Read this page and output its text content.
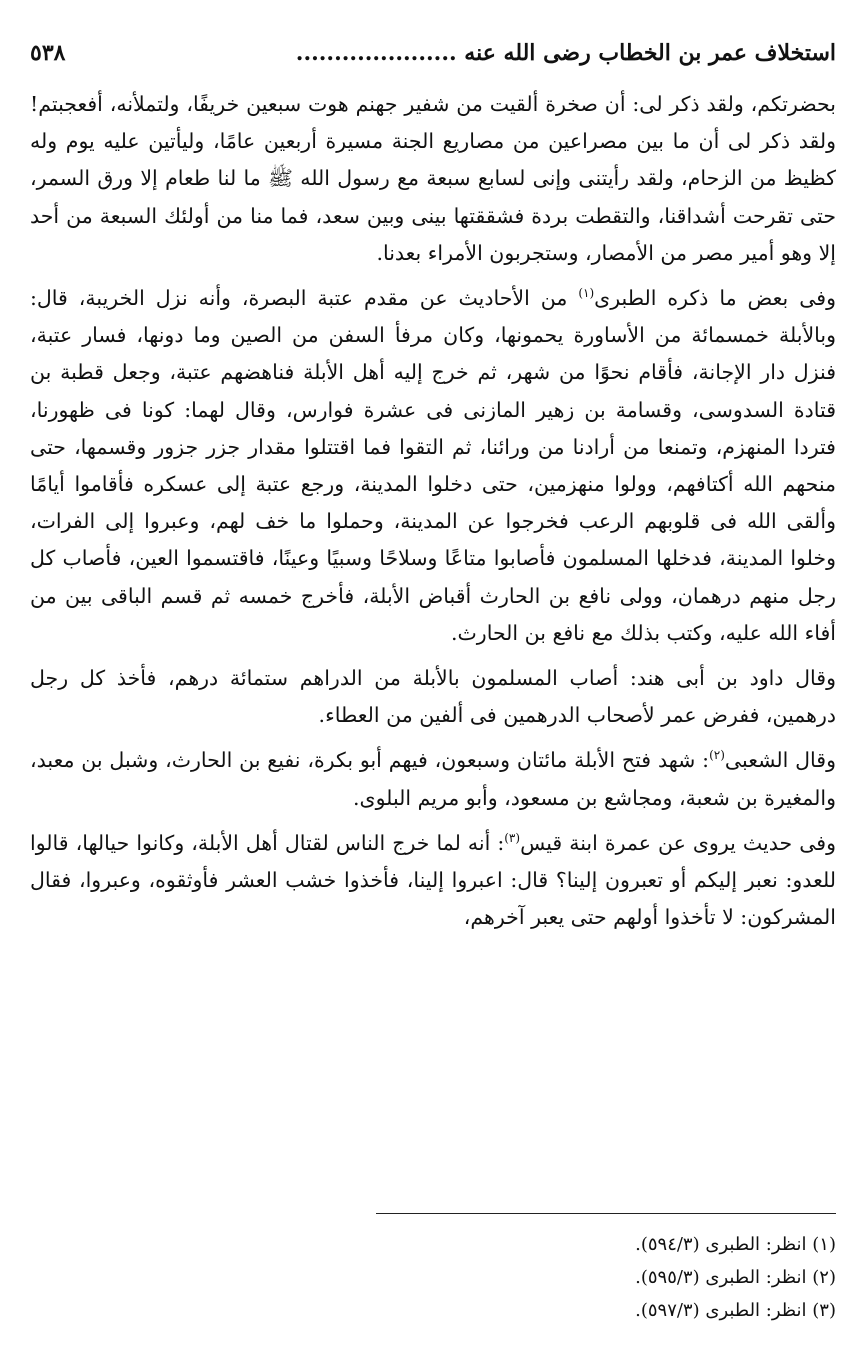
استخلاف عمر بن الخطاب رضى الله عنه .....................
٥٣٨

بحضرتكم، ولقد ذكر لى: أن صخرة ألقيت من شفير جهنم هوت سبعين خريفًا، ولتملأنه، أفعجبتم! ولقد ذكر لى أن ما بين مصراعين من مصاريع الجنة مسيرة أربعين عامًا، وليأتين عليه يوم وله كظيظ من الزحام، ولقد رأيتنى وإنى لسابع سبعة مع رسول الله ﷺ ما لنا طعام إلا ورق السمر، حتى تقرحت أشداقنا، والتقطت بردة فشققتها بينى وبين سعد، فما منا من أولئك السبعة من أحد إلا وهو أمير مصر من الأمصار، وستجربون الأمراء بعدنا.

وفى بعض ما ذكره الطبرى$^{(١)}$ من الأحاديث عن مقدم عتبة البصرة، وأنه نزل الخريبة، قال: وبالأبلة خمسمائة من الأساورة يحمونها، وكان مرفأ السفن من الصين وما دونها، فسار عتبة، فنزل دار الإجانة، فأقام نحوًا من شهر، ثم خرج إليه أهل الأبلة فناهضهم عتبة، وجعل قطبة بن قتادة السدوسى، وقسامة بن زهير المازنى فى عشرة فوارس، وقال لهما: كونا فى ظهورنا، فتردا المنهزم، وتمنعا من أرادنا من ورائنا، ثم التقوا فما اقتتلوا مقدار جزر جزور وقسمها، حتى منحهم الله أكتافهم، وولوا منهزمين، حتى دخلوا المدينة، ورجع عتبة إلى عسكره فأقاموا أيامًا وألقى الله فى قلوبهم الرعب فخرجوا عن المدينة، وحملوا ما خف لهم، وعبروا إلى الفرات، وخلوا المدينة، فدخلها المسلمون فأصابوا متاعًا وسلاحًا وسبيًا وعينًا، فاقتسموا العين، فأصاب كل رجل منهم درهمان، وولى نافع بن الحارث أقباض الأبلة، فأخرج خمسه ثم قسم الباقى بين من أفاء الله عليه، وكتب بذلك مع نافع بن الحارث.

وقال داود بن أبى هند: أصاب المسلمون بالأبلة من الدراهم ستمائة درهم، فأخذ كل رجل درهمين، ففرض عمر لأصحاب الدرهمين فى ألفين من العطاء.

وقال الشعبى$^{(٢)}$: شهد فتح الأبلة مائتان وسبعون، فيهم أبو بكرة، نفيع بن الحارث، وشبل بن معبد، والمغيرة بن شعبة، ومجاشع بن مسعود، وأبو مريم البلوى.

وفى حديث يروى عن عمرة ابنة قيس$^{(٣)}$: أنه لما خرج الناس لقتال أهل الأبلة، وكانوا حيالها، قالوا للعدو: نعبر إليكم أو تعبرون إلينا؟ قال: اعبروا إلينا، فأخذوا خشب العشر فأوثقوه، وعبروا، فقال المشركون: لا تأخذوا أولهم حتى يعبر آخرهم،

(١) انظر: الطبرى (٥٩٤/٣).
(٢) انظر: الطبرى (٥٩٥/٣).
(٣) انظر: الطبرى (٥٩٧/٣).
